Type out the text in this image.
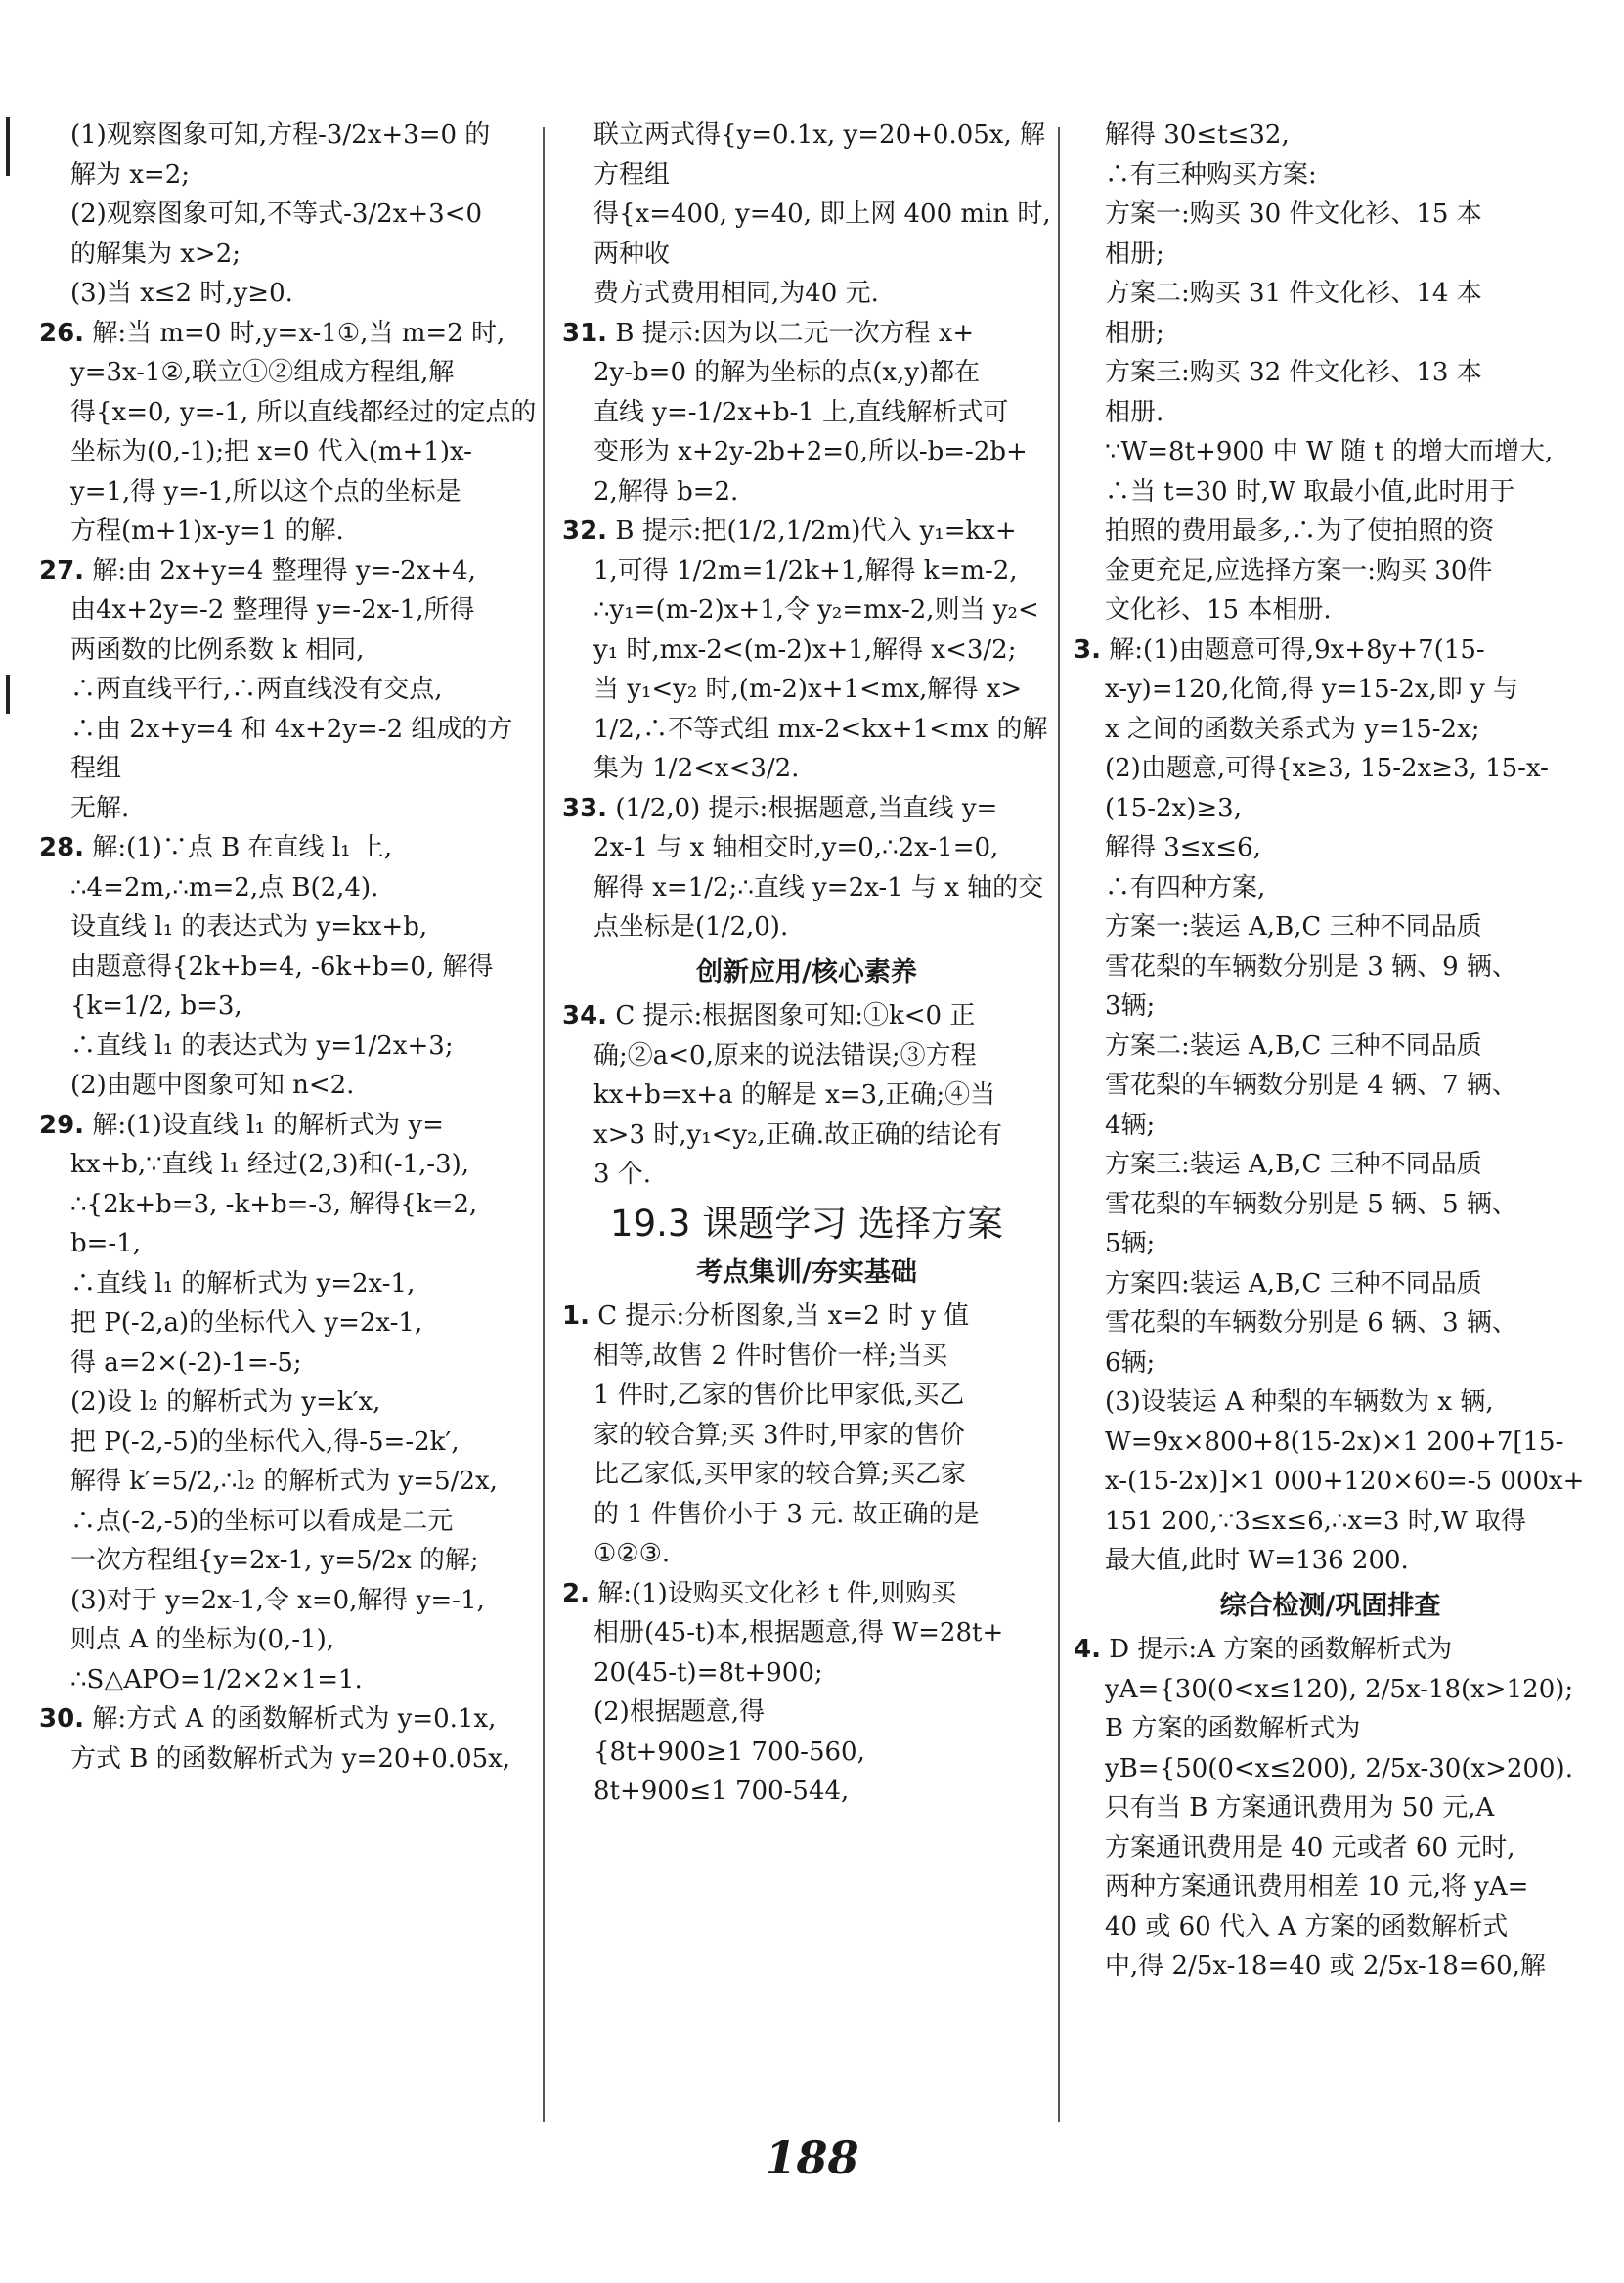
(1)观察图象可知,方程-3/2x+3=0 的
解为 x=2;
(2)观察图象可知,不等式-3/2x+3<0
的解集为 x>2;
(3)当 x≤2 时,y≥0.
26. 解:当 m=0 时,y=x-1①,当 m=2 时,
y=3x-1②,联立①②组成方程组,解
得{x=0, y=-1, 所以直线都经过的定点的
坐标为(0,-1);把 x=0 代入(m+1)x-
y=1,得 y=-1,所以这个点的坐标是
方程(m+1)x-y=1 的解.
27. 解:由 2x+y=4 整理得 y=-2x+4,
由4x+2y=-2 整理得 y=-2x-1,所得
两函数的比例系数 k 相同,
∴两直线平行,∴两直线没有交点,
∴由 2x+y=4 和 4x+2y=-2 组成的方程组
无解.
28. 解:(1)∵点 B 在直线 l₁ 上,
∴4=2m,∴m=2,点 B(2,4).
设直线 l₁ 的表达式为 y=kx+b,
由题意得{2k+b=4, -6k+b=0, 解得{k=1/2, b=3,
∴直线 l₁ 的表达式为 y=1/2x+3;
(2)由题中图象可知 n<2.
29. 解:(1)设直线 l₁ 的解析式为 y=
kx+b,∵直线 l₁ 经过(2,3)和(-1,-3),
∴{2k+b=3, -k+b=-3, 解得{k=2, b=-1,
∴直线 l₁ 的解析式为 y=2x-1,
把 P(-2,a)的坐标代入 y=2x-1,
得 a=2×(-2)-1=-5;
(2)设 l₂ 的解析式为 y=k′x,
把 P(-2,-5)的坐标代入,得-5=-2k′,
解得 k′=5/2,∴l₂ 的解析式为 y=5/2x,
∴点(-2,-5)的坐标可以看成是二元
一次方程组{y=2x-1, y=5/2x 的解;
(3)对于 y=2x-1,令 x=0,解得 y=-1,
则点 A 的坐标为(0,-1),
∴S△APO=1/2×2×1=1.
30. 解:方式 A 的函数解析式为 y=0.1x,
方式 B 的函数解析式为 y=20+0.05x,
联立两式得{y=0.1x, y=20+0.05x, 解方程组
得{x=400, y=40, 即上网 400 min 时, 两种收
费方式费用相同,为40 元.
31. B 提示:因为以二元一次方程 x+
2y-b=0 的解为坐标的点(x,y)都在
直线 y=-1/2x+b-1 上,直线解析式可
变形为 x+2y-2b+2=0,所以-b=-2b+
2,解得 b=2.
32. B 提示:把(1/2,1/2m)代入 y₁=kx+
1,可得 1/2m=1/2k+1,解得 k=m-2,
∴y₁=(m-2)x+1,令 y₂=mx-2,则当 y₂<
y₁ 时,mx-2<(m-2)x+1,解得 x<3/2;
当 y₁<y₂ 时,(m-2)x+1<mx,解得 x>
1/2,∴不等式组 mx-2<kx+1<mx 的解
集为 1/2<x<3/2.
33. (1/2,0) 提示:根据题意,当直线 y=
2x-1 与 x 轴相交时,y=0,∴2x-1=0,
解得 x=1/2;∴直线 y=2x-1 与 x 轴的交
点坐标是(1/2,0).
创新应用/核心素养
34. C 提示:根据图象可知:①k<0 正
确;②a<0,原来的说法错误;③方程
kx+b=x+a 的解是 x=3,正确;④当
x>3 时,y₁<y₂,正确.故正确的结论有
3 个.
19.3 课题学习 选择方案
考点集训/夯实基础
1. C 提示:分析图象,当 x=2 时 y 值
相等,故售 2 件时售价一样;当买
1 件时,乙家的售价比甲家低,买乙
家的较合算;买 3件时,甲家的售价
比乙家低,买甲家的较合算;买乙家
的 1 件售价小于 3 元. 故正确的是
①②③.
2. 解:(1)设购买文化衫 t 件,则购买
相册(45-t)本,根据题意,得 W=28t+
20(45-t)=8t+900;
(2)根据题意,得
{8t+900≥1 700-560,
8t+900≤1 700-544,
解得 30≤t≤32,
∴有三种购买方案:
方案一:购买 30 件文化衫、15 本
相册;
方案二:购买 31 件文化衫、14 本
相册;
方案三:购买 32 件文化衫、13 本
相册.
∵W=8t+900 中 W 随 t 的增大而增大,
∴当 t=30 时,W 取最小值,此时用于
拍照的费用最多,∴为了使拍照的资
金更充足,应选择方案一:购买 30件
文化衫、15 本相册.
3. 解:(1)由题意可得,9x+8y+7(15-
x-y)=120,化简,得 y=15-2x,即 y 与
x 之间的函数关系式为 y=15-2x;
(2)由题意,可得{x≥3, 15-2x≥3, 15-x-(15-2x)≥3,
解得 3≤x≤6,
∴有四种方案,
方案一:装运 A,B,C 三种不同品质
雪花梨的车辆数分别是 3 辆、9 辆、
3辆;
方案二:装运 A,B,C 三种不同品质
雪花梨的车辆数分别是 4 辆、7 辆、
4辆;
方案三:装运 A,B,C 三种不同品质
雪花梨的车辆数分别是 5 辆、5 辆、
5辆;
方案四:装运 A,B,C 三种不同品质
雪花梨的车辆数分别是 6 辆、3 辆、
6辆;
(3)设装运 A 种梨的车辆数为 x 辆,
W=9x×800+8(15-2x)×1 200+7[15-
x-(15-2x)]×1 000+120×60=-5 000x+
151 200,∵3≤x≤6,∴x=3 时,W 取得
最大值,此时 W=136 200.
综合检测/巩固排查
4. D 提示:A 方案的函数解析式为
yA={30(0<x≤120), 2/5x-18(x>120);
B 方案的函数解析式为
yB={50(0<x≤200), 2/5x-30(x>200).
只有当 B 方案通讯费用为 50 元,A
方案通讯费用是 40 元或者 60 元时,
两种方案通讯费用相差 10 元,将 yA=
40 或 60 代入 A 方案的函数解析式
中,得 2/5x-18=40 或 2/5x-18=60,解
188
